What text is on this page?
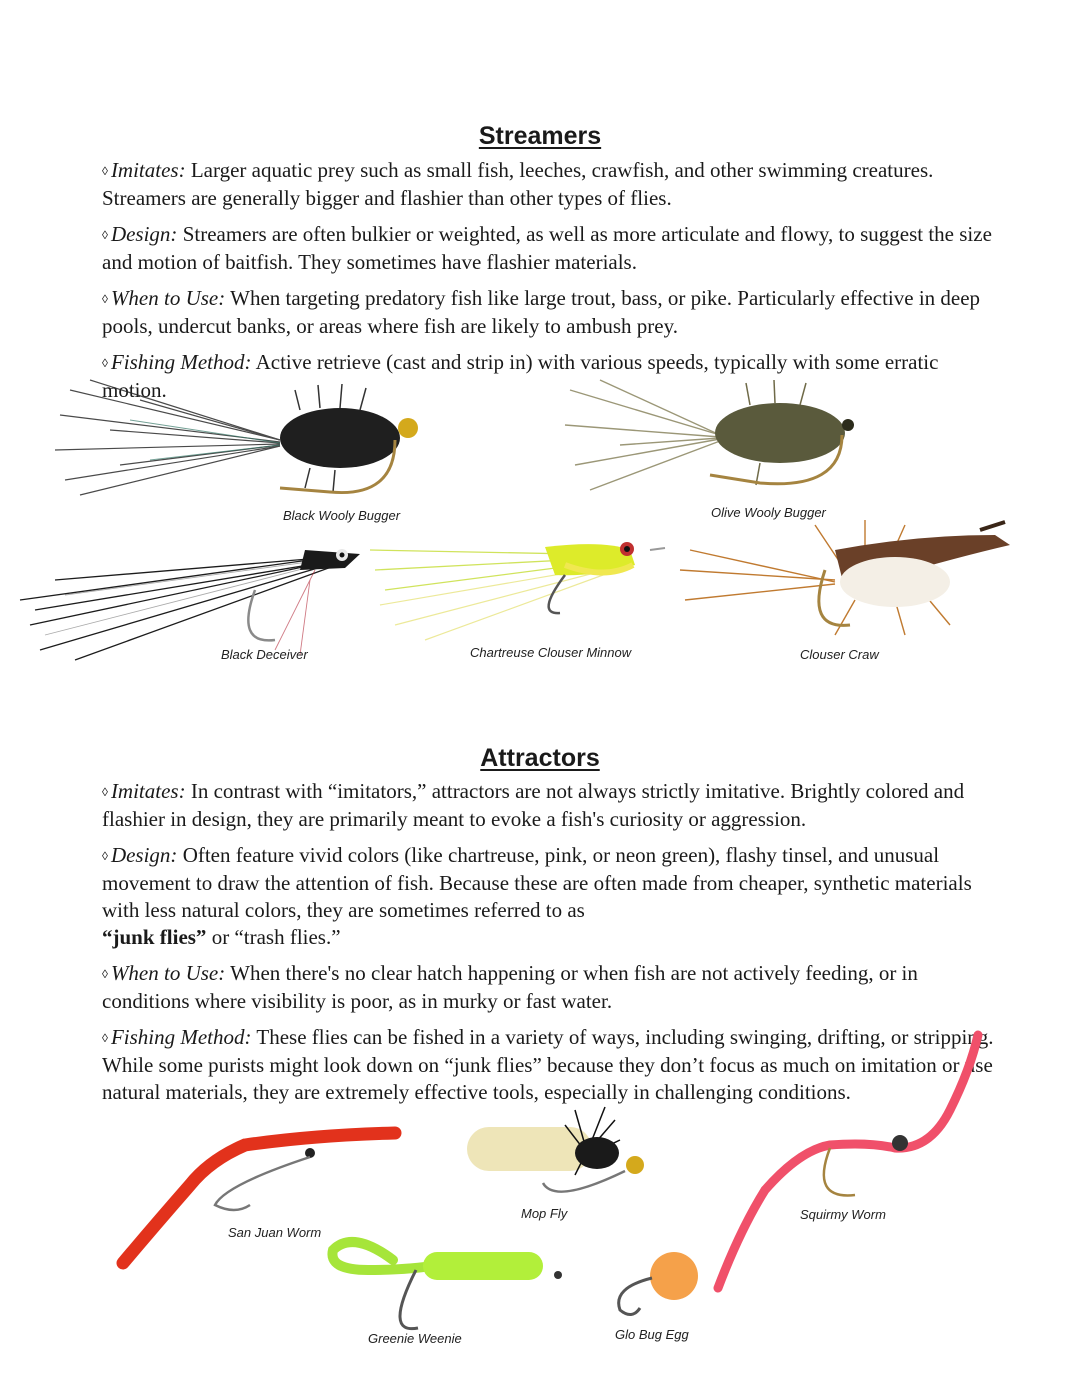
Streamers

◊ Imitates: Larger aquatic prey such as small fish, leeches, crawfish, and other swimming creatures. Streamers are generally bigger and flashier than other types of flies.

◊ Design: Streamers are often bulkier or weighted, as well as more articulate and flowy, to suggest the size and motion of baitfish. They sometimes have flashier materials.

◊ When to Use: When targeting predatory fish like large trout, bass, or pike. Particularly effective in deep pools, undercut banks, or areas where fish are likely to ambush prey.

◊ Fishing Method: Active retrieve (cast and strip in) with various speeds, typically with some erratic motion.

Black Wooly Bugger	Olive Wooly Bugger
Black Deceiver	Chartreuse Clouser Minnow	Clouser Craw
Attractors

◊ Imitates: In contrast with “imitators,” attractors are not always strictly imitative. Brightly colored and flashier in design, they are primarily meant to evoke a fish's curiosity or aggression.

◊ Design: Often feature vivid colors (like chartreuse, pink, or neon green), flashy tinsel, and unusual movement to draw the attention of fish. Because these are often made from cheaper, synthetic materials with less natural colors, they are sometimes referred to as
“junk flies” or “trash flies.”

◊ When to Use: When there's no clear hatch happening or when fish are not actively feeding, or in conditions where visibility is poor, as in murky or fast water.

◊ Fishing Method: These flies can be fished in a variety of ways, including swinging, drifting, or stripping. While some purists might look down on “junk flies” because they don’t focus as much on imitation or use natural materials, they are extremely effective tools, especially in challenging conditions.

San Juan Worm
Mop Fly	Squirmy Worm
Greenie Weenie	Glo Bug Egg
